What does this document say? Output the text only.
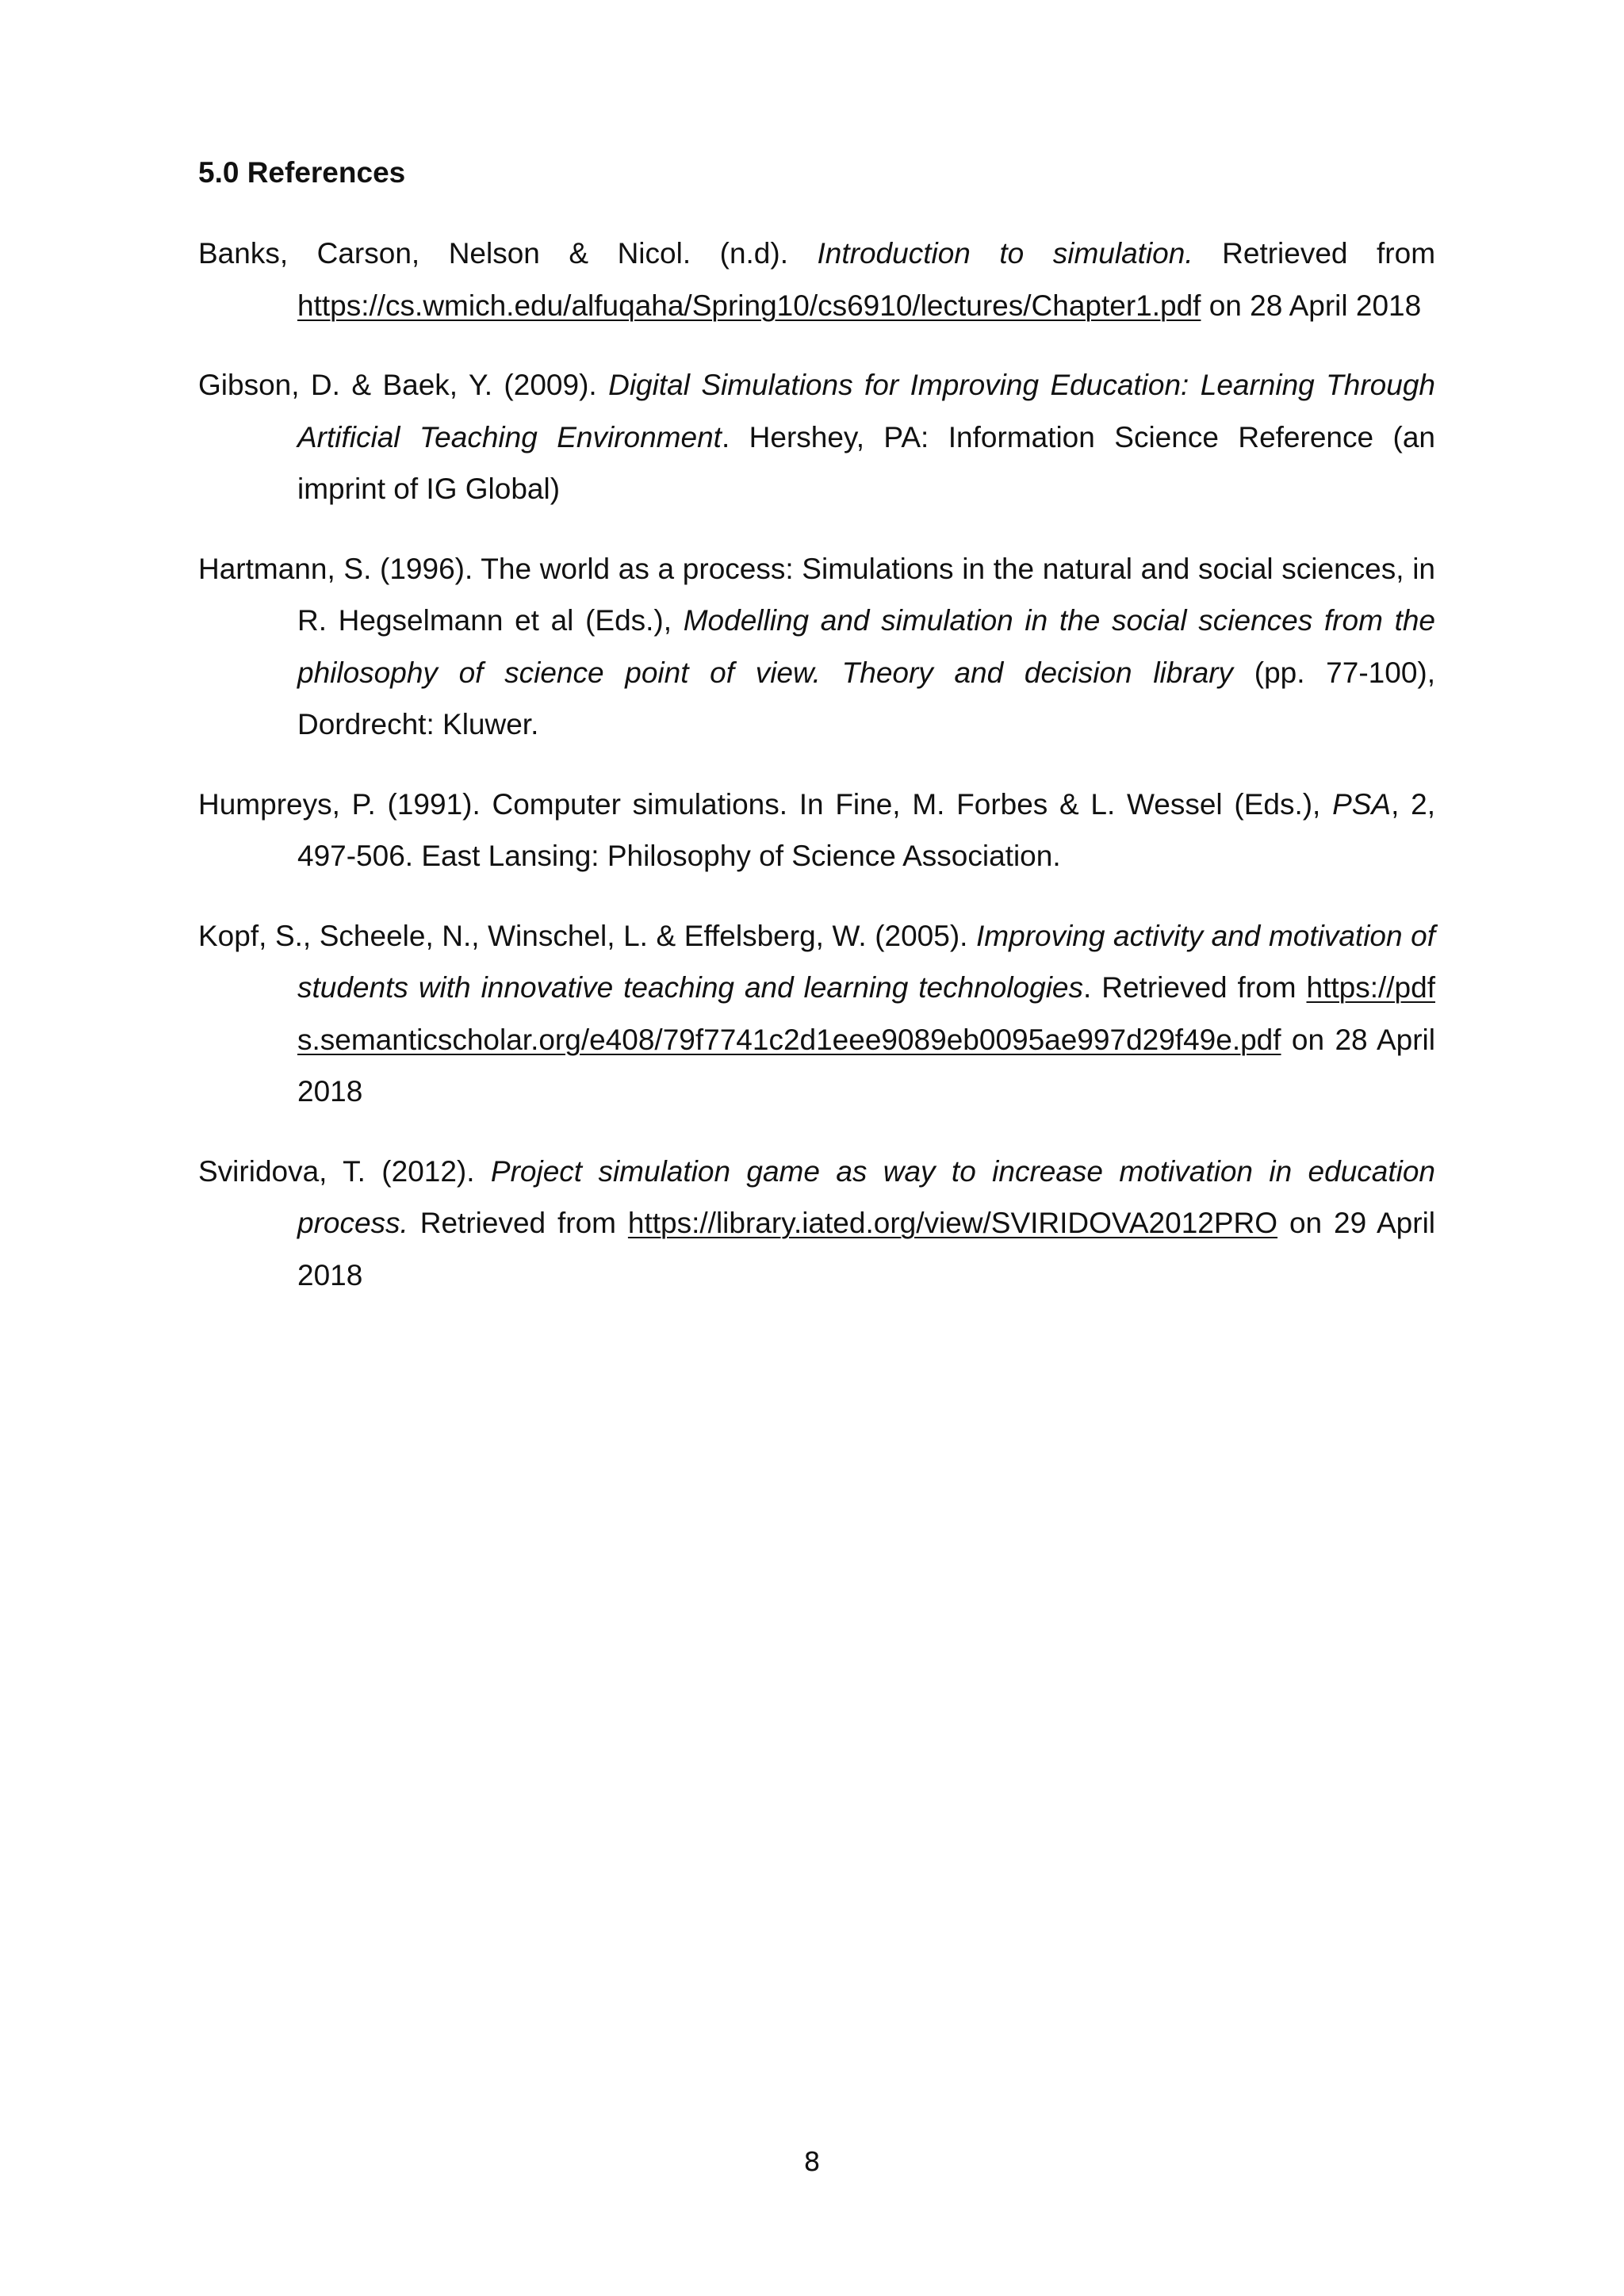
5.0 References

Banks, Carson, Nelson & Nicol. (n.d). Introduction to simulation. Retrieved from https://cs.wmich.edu/alfuqaha/Spring10/cs6910/lectures/Chapter1.pdf on 28 April 2018

Gibson, D. & Baek, Y. (2009). Digital Simulations for Improving Education: Learning Through Artificial Teaching Environment. Hershey, PA: Information Science Reference (an imprint of IG Global)

Hartmann, S. (1996). The world as a process: Simulations in the natural and social sciences, in R. Hegselmann et al (Eds.), Modelling and simulation in the social sciences from the philosophy of science point of view. Theory and decision library (pp. 77-100), Dordrecht: Kluwer.

Humpreys, P. (1991). Computer simulations. In Fine, M. Forbes & L. Wessel (Eds.), PSA, 2, 497-506. East Lansing: Philosophy of Science Association.

Kopf, S., Scheele, N., Winschel, L. & Effelsberg, W. (2005). Improving activity and motivation of students with innovative teaching and learning technologies. Retrieved from https://pdfs.semanticscholar.org/e408/79f7741c2d1eee9089eb0095ae997d29f49e.pdf on 28 April 2018

Sviridova, T. (2012). Project simulation game as way to increase motivation in education process. Retrieved from https://library.iated.org/view/SVIRIDOVA2012PRO on 29 April 2018

8
